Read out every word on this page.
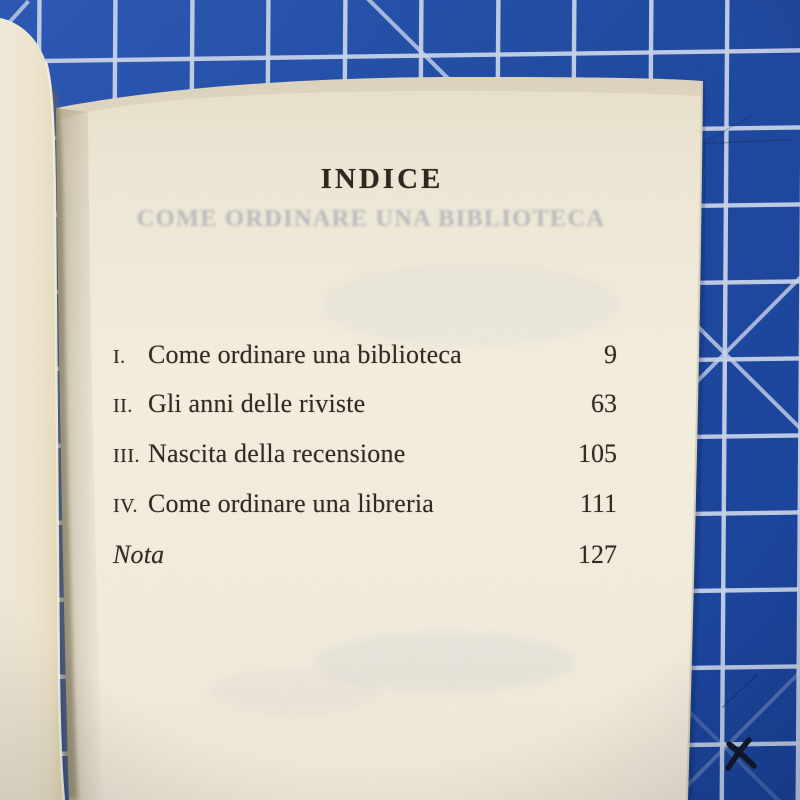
INDICE
COME ORDINARE UNA BIBLIOTECA
I. Come ordinare una biblioteca	9
II. Gli anni delle riviste	63
III. Nascita della recensione	105
IV. Come ordinare una libreria	111
Nota	127
